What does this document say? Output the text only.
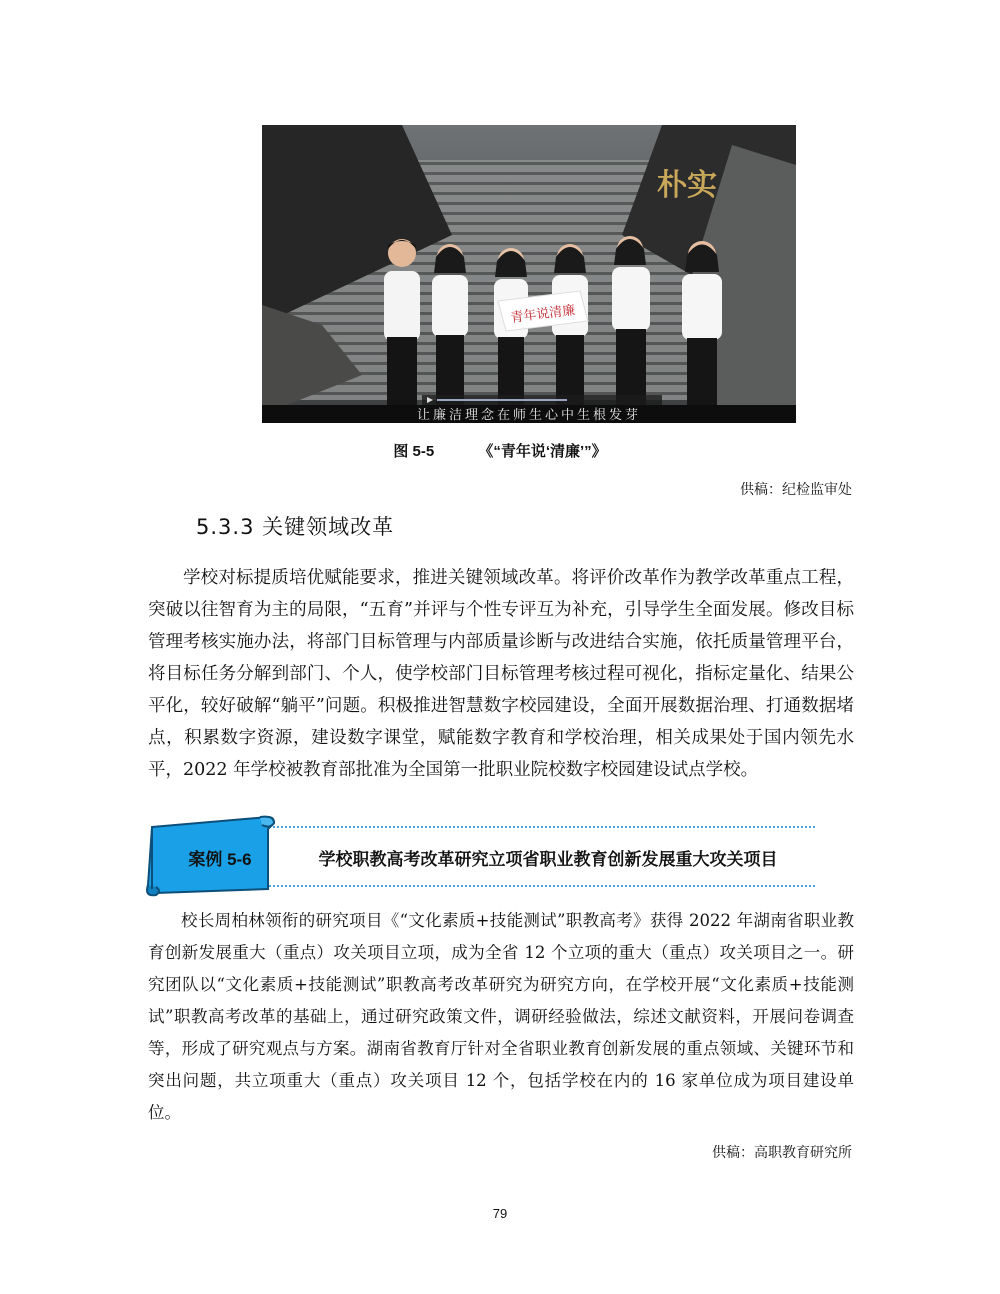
朴实
青年说清廉
让廉洁理念在师生心中生根发芽
图 5-5	《“青年说‘清廉’”》
供稿：纪检监审处
5.3.3 关键领域改革

学校对标提质培优赋能要求，推进关键领域改革。将评价改革作为教学改革重点工程，突破以往智育为主的局限，“五育”并评与个性专评互为补充，引导学生全面发展。修改目标管理考核实施办法，将部门目标管理与内部质量诊断与改进结合实施，依托质量管理平台，将目标任务分解到部门、个人，使学校部门目标管理考核过程可视化，指标定量化、结果公平化，较好破解“躺平”问题。积极推进智慧数字校园建设，全面开展数据治理、打通数据堵点，积累数字资源，建设数字课堂，赋能数字教育和学校治理，相关成果处于国内领先水平，2022 年学校被教育部批准为全国第一批职业院校数字校园建设试点学校。

案例 5-6	学校职教高考改革研究立项省职业教育创新发展重大攻关项目

校长周柏林领衔的研究项目《“文化素质+技能测试”职教高考》获得 2022 年湖南省职业教育创新发展重大（重点）攻关项目立项，成为全省 12 个立项的重大（重点）攻关项目之一。研究团队以“文化素质+技能测试”职教高考改革研究为研究方向，在学校开展“文化素质+技能测试”职教高考改革的基础上，通过研究政策文件，调研经验做法，综述文献资料，开展问卷调查等，形成了研究观点与方案。湖南省教育厅针对全省职业教育创新发展的重点领域、关键环节和突出问题，共立项重大（重点）攻关项目 12 个，包括学校在内的 16 家单位成为项目建设单位。

供稿：高职教育研究所
79
